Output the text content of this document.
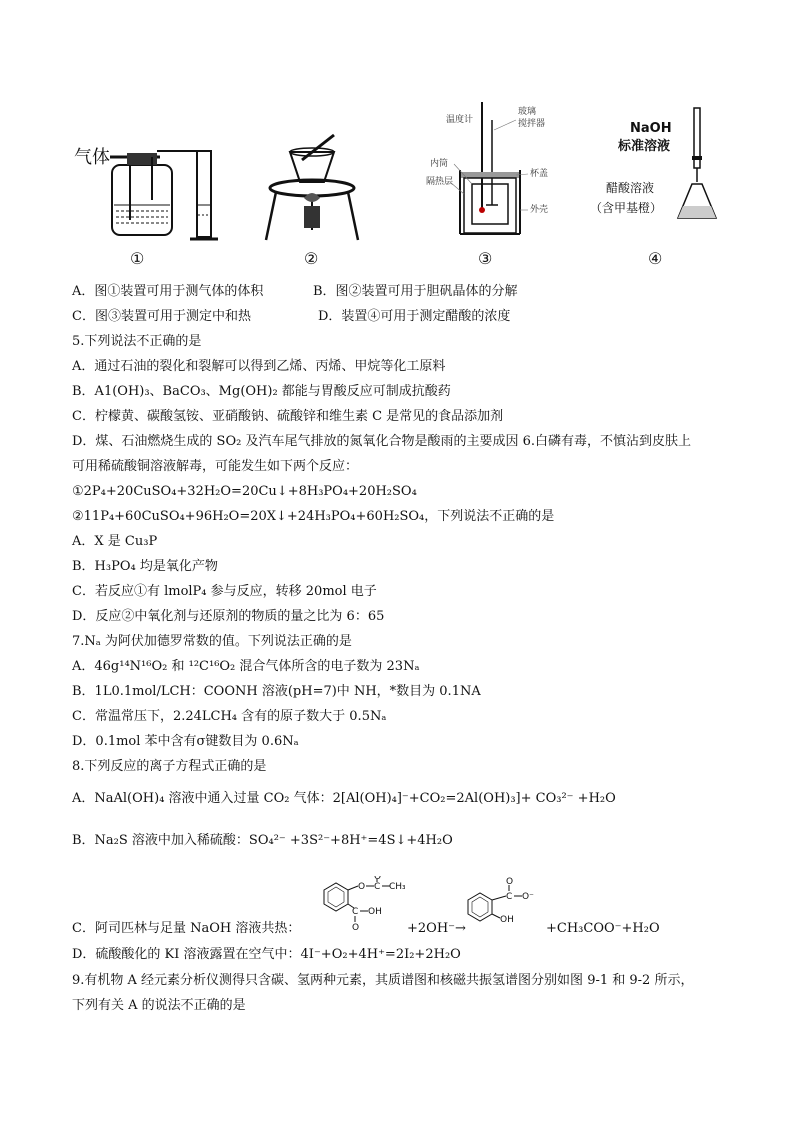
气体
温度计
玻璃
搅拌器
内筒
杯盖
隔热层
外壳
NaOH
标准溶液
醋酸溶液
（含甲基橙）
①	②	③	④
A．图①装置可用于测气体的体积	B．图②装置可用于胆矾晶体的分解
C．图③装置可用于测定中和热	D．装置④可用于测定醋酸的浓度
5.下列说法不正确的是
A．通过石油的裂化和裂解可以得到乙烯、丙烯、甲烷等化工原料
B．A1(OH)₃、BaCO₃、Mg(OH)₂ 都能与胃酸反应可制成抗酸药
C．柠檬黄、碳酸氢铵、亚硝酸钠、硫酸锌和维生素 C 是常见的食品添加剂
D．煤、石油燃烧生成的 SO₂ 及汽车尾气排放的氮氧化合物是酸雨的主要成因 6.白磷有毒，不慎沾到皮肤上
可用稀硫酸铜溶液解毒，可能发生如下两个反应：
①2P₄+20CuSO₄+32H₂O=20Cu↓+8H₃PO₄+20H₂SO₄
②11P₄+60CuSO₄+96H₂O=20X↓+24H₃PO₄+60H₂SO₄，下列说法不正确的是
A．X 是 Cu₃P
B．H₃PO₄ 均是氧化产物
C．若反应①有 lmolP₄ 参与反应，转移 20mol 电子
D．反应②中氧化剂与还原剂的物质的量之比为 6：65
7.Nₐ 为阿伏加德罗常数的值。下列说法正确的是
A．46g¹⁴N¹⁶O₂ 和 ¹²C¹⁶O₂ 混合气体所含的电子数为 23Nₐ
B．1L0.1mol/LCH：COONH 溶液(pH=7)中 NH，*数目为 0.1NA
C．常温常压下，2.24LCH₄ 含有的原子数大于 0.5Nₐ
D．0.1mol 苯中含有σ键数目为 0.6Nₐ
8.下列反应的离子方程式正确的是
A．NaAl(OH)₄ 溶液中通入过量 CO₂ 气体：2[Al(OH)₄]⁻+CO₂=2Al(OH)₃]+ CO₃²⁻ +H₂O
B．Na₂S 溶液中加入稀硫酸：SO₄²⁻ +3S²⁻+8H⁺=4S↓+4H₂O
C．阿司匹林与足量 NaOH 溶液共热：
O C
O
CH₃
C OH
O	+2OH⁻→
C
O
O⁻
OH
+CH₃COO⁻+H₂O
D．硫酸酸化的 KI 溶液露置在空气中：4I⁻+O₂+4H⁺=2I₂+2H₂O
9.有机物 A 经元素分析仪测得只含碳、氢两种元素，其质谱图和核磁共振氢谱图分别如图 9-1 和 9-2 所示，
下列有关 A 的说法不正确的是
